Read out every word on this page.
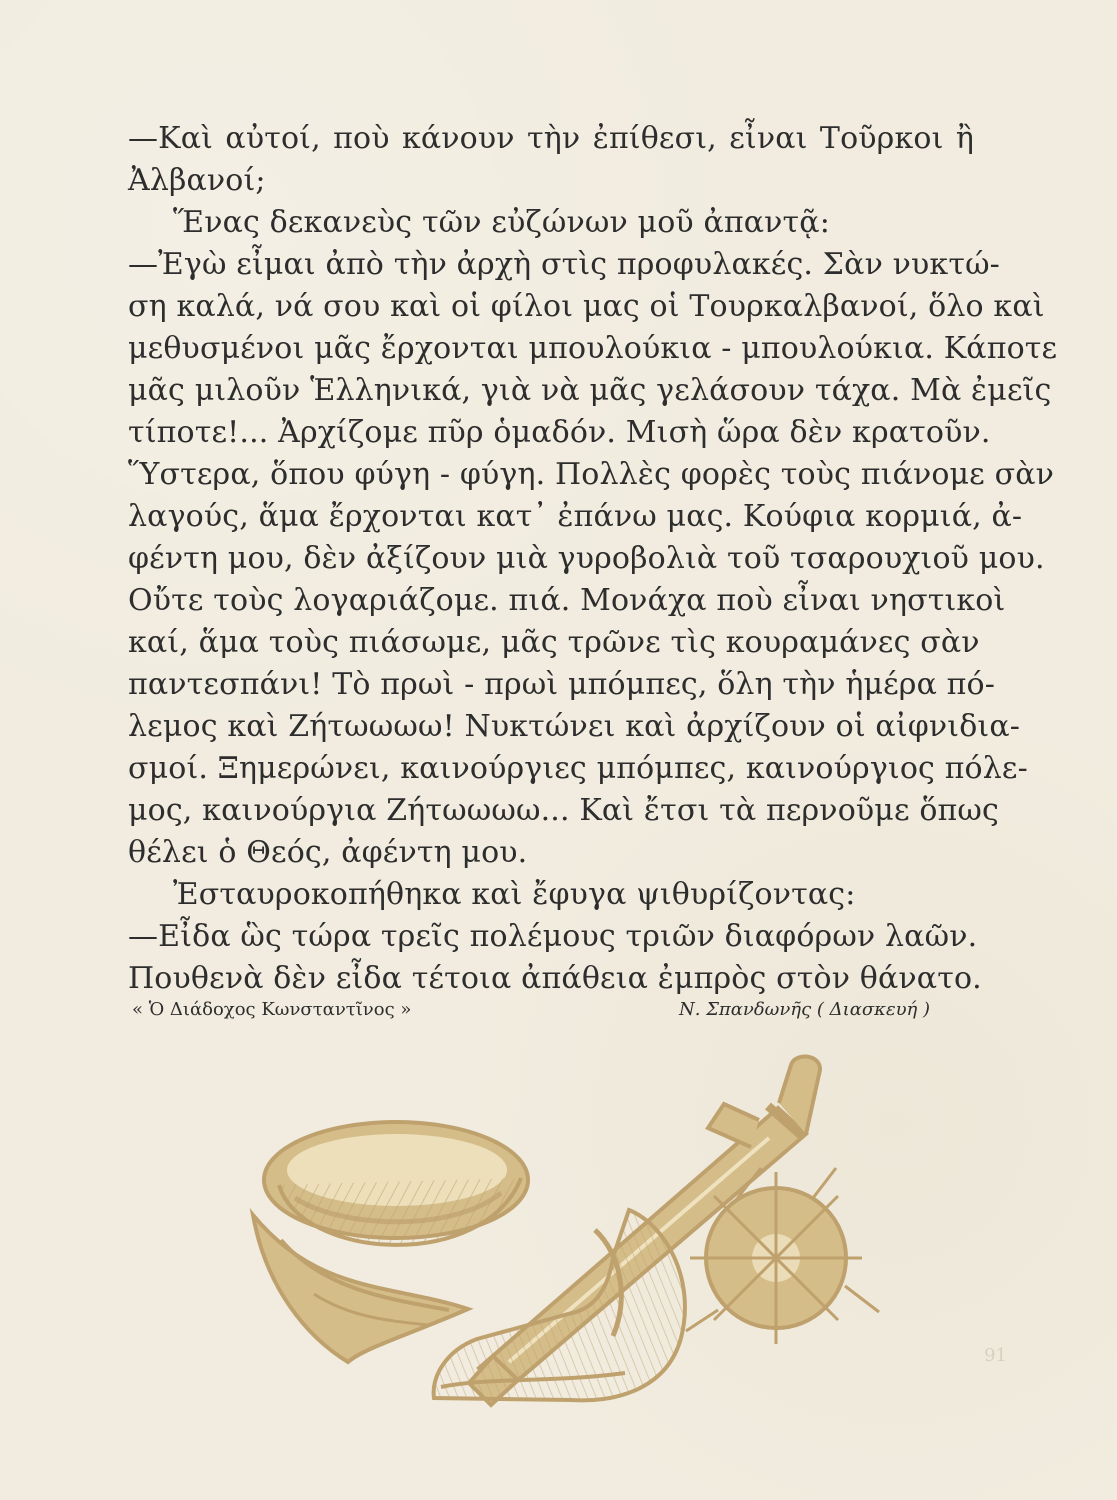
—Καὶ αὐτοί, ποὺ κάνουν τὴν ἐπίθεσι, εἶναι Τοῦρκοι ἢ
Ἀλβανοί;
Ἕνας δεκανεὺς τῶν εὐζώνων μοῦ ἀπαντᾷ:
—Ἐγὼ εἶμαι ἀπὸ τὴν ἀρχὴ στὶς προφυλακές. Σὰν νυκτώ-
ση καλά, νά σου καὶ οἱ φίλοι μας οἱ Τουρκαλβανοί, ὅλο καὶ
μεθυσμένοι μᾶς ἔρχονται μπουλούκια - μπουλούκια. Κάποτε
μᾶς μιλοῦν Ἑλληνικά, γιὰ νὰ μᾶς γελάσουν τάχα. Μὰ ἐμεῖς
τίποτε!... Ἀρχίζομε πῦρ ὁμαδόν. Μισὴ ὥρα δὲν κρατοῦν.
Ὕστερα, ὅπου φύγη - φύγη. Πολλὲς φορὲς τοὺς πιάνομε σὰν
λαγούς, ἅμα ἔρχονται κατ᾽ ἐπάνω μας. Κούφια κορμιά, ἀ-
φέντη μου, δὲν ἀξίζουν μιὰ γυροβολιὰ τοῦ τσαρουχιοῦ μου.
Οὔτε τοὺς λογαριάζομε. πιά. Μονάχα ποὺ εἶναι νηστικοὶ
καί, ἅμα τοὺς πιάσωμε, μᾶς τρῶνε τὶς κουραμάνες σὰν
παντεσπάνι! Τὸ πρωὶ - πρωὶ μπόμπες, ὅλη τὴν ἡμέρα πό-
λεμος καὶ Ζήτωωωω! Νυκτώνει καὶ ἀρχίζουν οἱ αἰφνιδια-
σμοί. Ξημερώνει, καινούργιες μπόμπες, καινούργιος πόλε-
μος, καινούργια Ζήτωωωω... Καὶ ἔτσι τὰ περνοῦμε ὅπως
θέλει ὁ Θεός, ἀφέντη μου.
Ἐσταυροκοπήθηκα καὶ ἔφυγα ψιθυρίζοντας:
—Εἶδα ὣς τώρα τρεῖς πολέμους τριῶν διαφόρων λαῶν.
Πουθενὰ δὲν εἶδα τέτοια ἀπάθεια ἐμπρὸς στὸν θάνατο.
« Ὁ Διάδοχος Κωνσταντῖνος »	Ν. Σπανδωνῆς ( Διασκευή )
91
